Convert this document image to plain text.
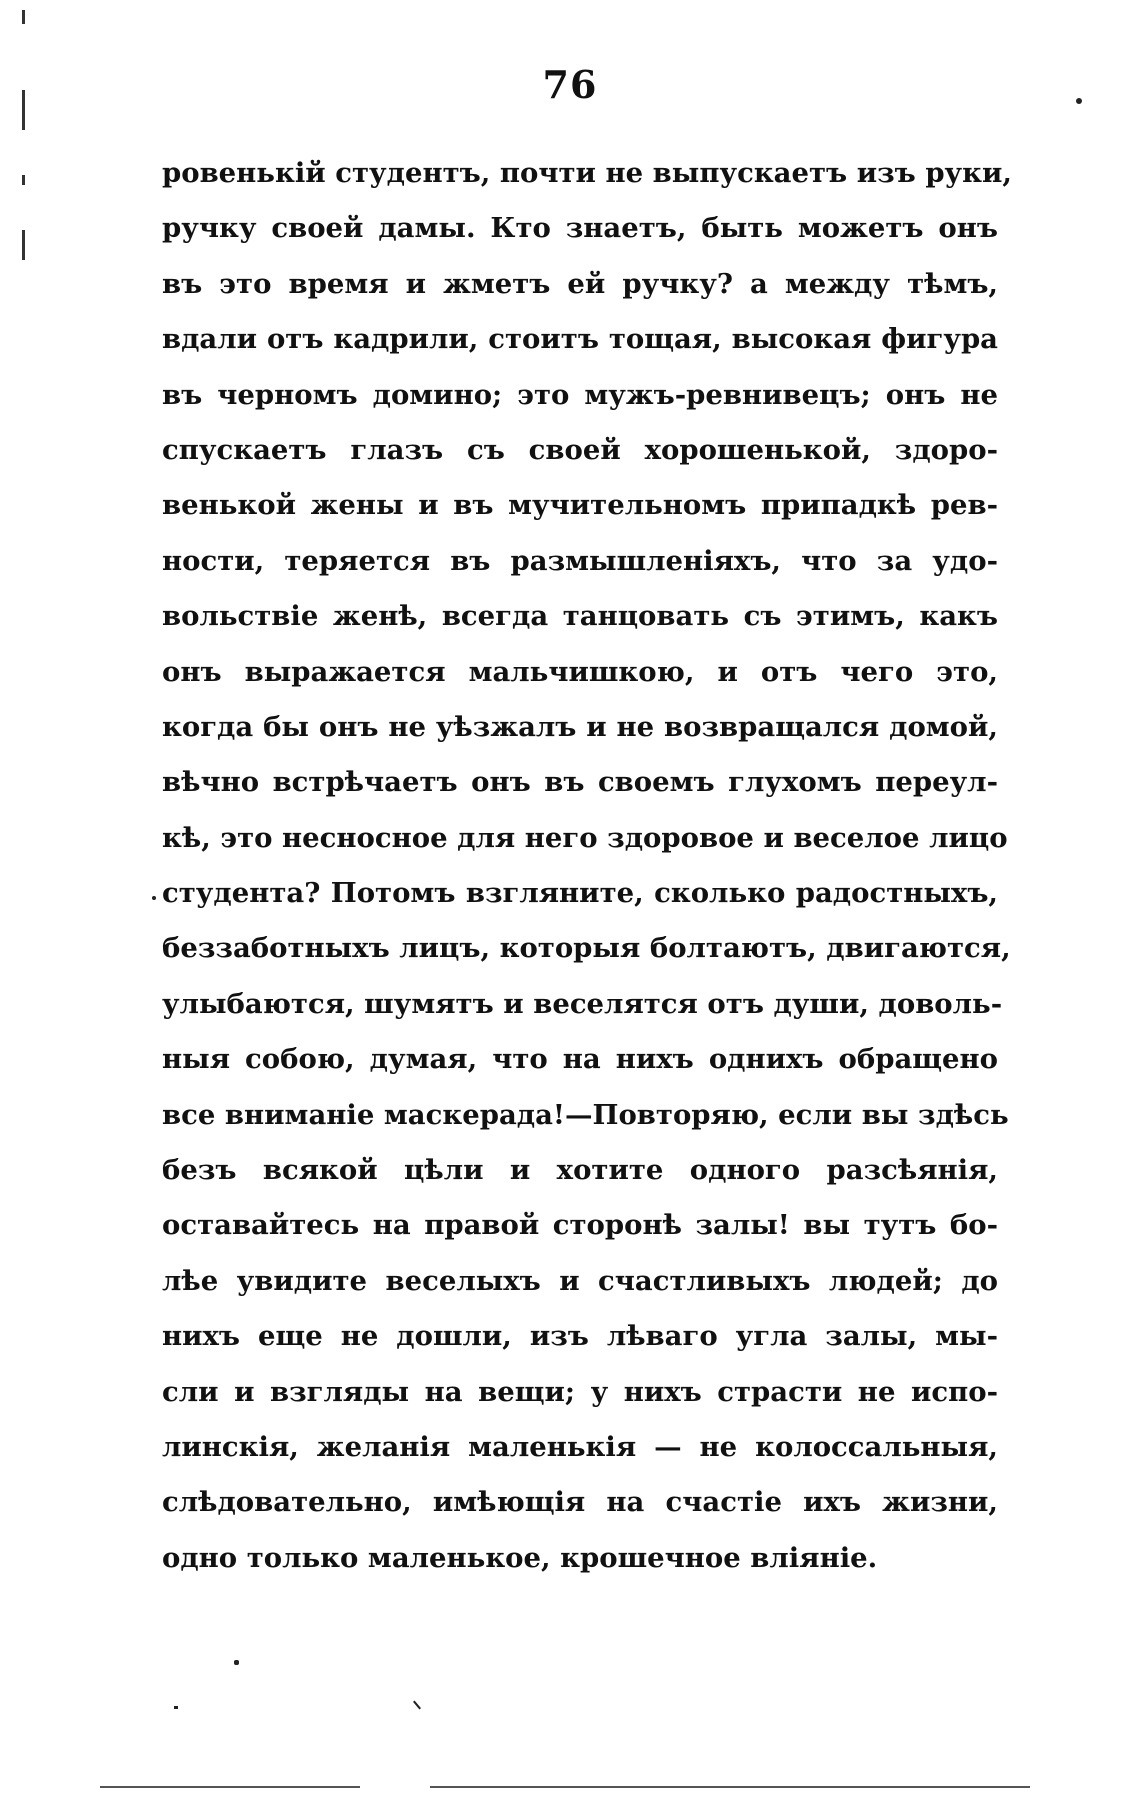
76
ровенькій студентъ, почти не выпускаетъ изъ руки,
ручку своей дамы. Кто знаетъ, быть можетъ онъ
въ это время и жметъ ей ручку? а между тѣмъ,
вдали отъ кадрили, стоитъ тощая, высокая фигура
въ черномъ домино; это мужъ-ревнивецъ; онъ не
спускаетъ глазъ съ своей хорошенькой, здоро-
венькой жены и въ мучительномъ припадкѣ рев-
ности, теряется въ размышленіяхъ, что за удо-
вольствіе женѣ, всегда танцовать съ этимъ, какъ
онъ выражается мальчишкою, и отъ чего это,
когда бы онъ не уѣзжалъ и не возвращался домой,
вѣчно встрѣчаетъ онъ въ своемъ глухомъ переул-
кѣ, это несносное для него здоровое и веселое лицо
студента? Потомъ взгляните, сколько радостныхъ,
беззаботныхъ лицъ, которыя болтаютъ, двигаются,
улыбаются, шумятъ и веселятся отъ души, доволь-
ныя собою, думая, что на нихъ однихъ обращено
все вниманіе маскерада!—Повторяю, если вы здѣсь
безъ всякой цѣли и хотите одного разсѣянія,
оставайтесь на правой сторонѣ залы! вы тутъ бо-
лѣе увидите веселыхъ и счастливыхъ людей; до
нихъ еще не дошли, изъ лѣваго угла залы, мы-
сли и взгляды на вещи; у нихъ страсти не испо-
линскія, желанія маленькія — не колоссальныя,
слѣдовательно, имѣющія на счастіе ихъ жизни,
одно только маленькое, крошечное вліяніе.
